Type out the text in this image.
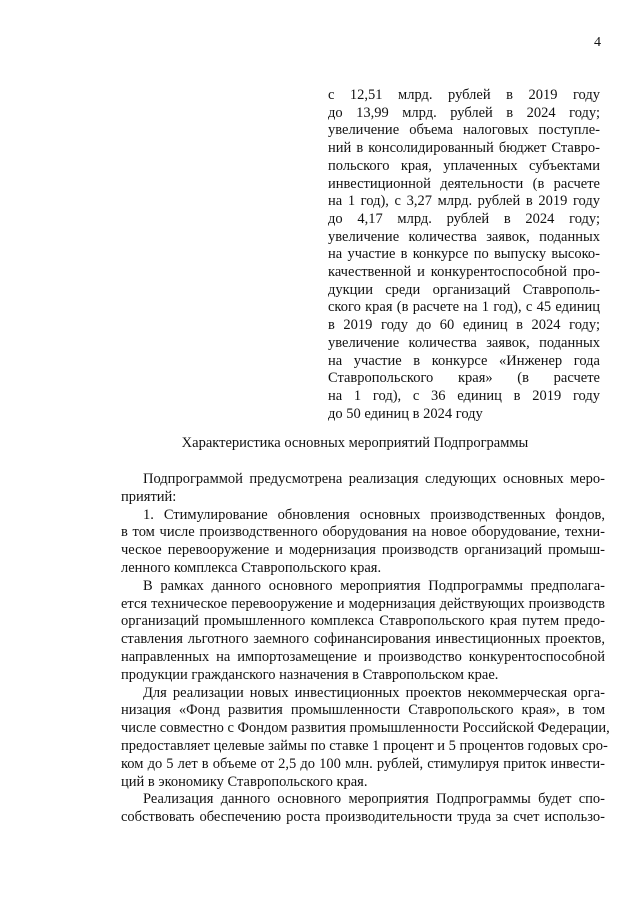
4
с 12,51 млрд. рублей в 2019 году
до 13,99 млрд. рублей в 2024 году;
увеличение объема налоговых поступле-
ний в консолидированный бюджет Ставро-
польского края, уплаченных субъектами
инвестиционной деятельности (в расчете
на 1 год), с 3,27 млрд. рублей в 2019 году
до 4,17 млрд. рублей в 2024 году;
увеличение количества заявок, поданных
на участие в конкурсе по выпуску высоко-
качественной и конкурентоспособной про-
дукции среди организаций Ставрополь-
ского края (в расчете на 1 год), с 45 единиц
в 2019 году до 60 единиц в 2024 году;
увеличение количества заявок, поданных
на участие в конкурсе «Инженер года
Ставропольского края» (в расчете
на 1 год), с 36 единиц в 2019 году
до 50 единиц в 2024 году
Характеристика основных мероприятий Подпрограммы
Подпрограммой предусмотрена реализация следующих основных меро-
приятий:
1. Стимулирование обновления основных производственных фондов,
в том числе производственного оборудования на новое оборудование, техни-
ческое перевооружение и модернизация производств организаций промыш-
ленного комплекса Ставропольского края.
В рамках данного основного мероприятия Подпрограммы предполага-
ется техническое перевооружение и модернизация действующих производств
организаций промышленного комплекса Ставропольского края путем предо-
ставления льготного заемного софинансирования инвестиционных проектов,
направленных на импортозамещение и производство конкурентоспособной
продукции гражданского назначения в Ставропольском крае.
Для реализации новых инвестиционных проектов некоммерческая орга-
низация «Фонд развития промышленности Ставропольского края», в том
числе совместно с Фондом развития промышленности Российской Федерации,
предоставляет целевые займы по ставке 1 процент и 5 процентов годовых сро-
ком до 5 лет в объеме от 2,5 до 100 млн. рублей, стимулируя приток инвести-
ций в экономику Ставропольского края.
Реализация данного основного мероприятия Подпрограммы будет спо-
собствовать обеспечению роста производительности труда за счет использо-
